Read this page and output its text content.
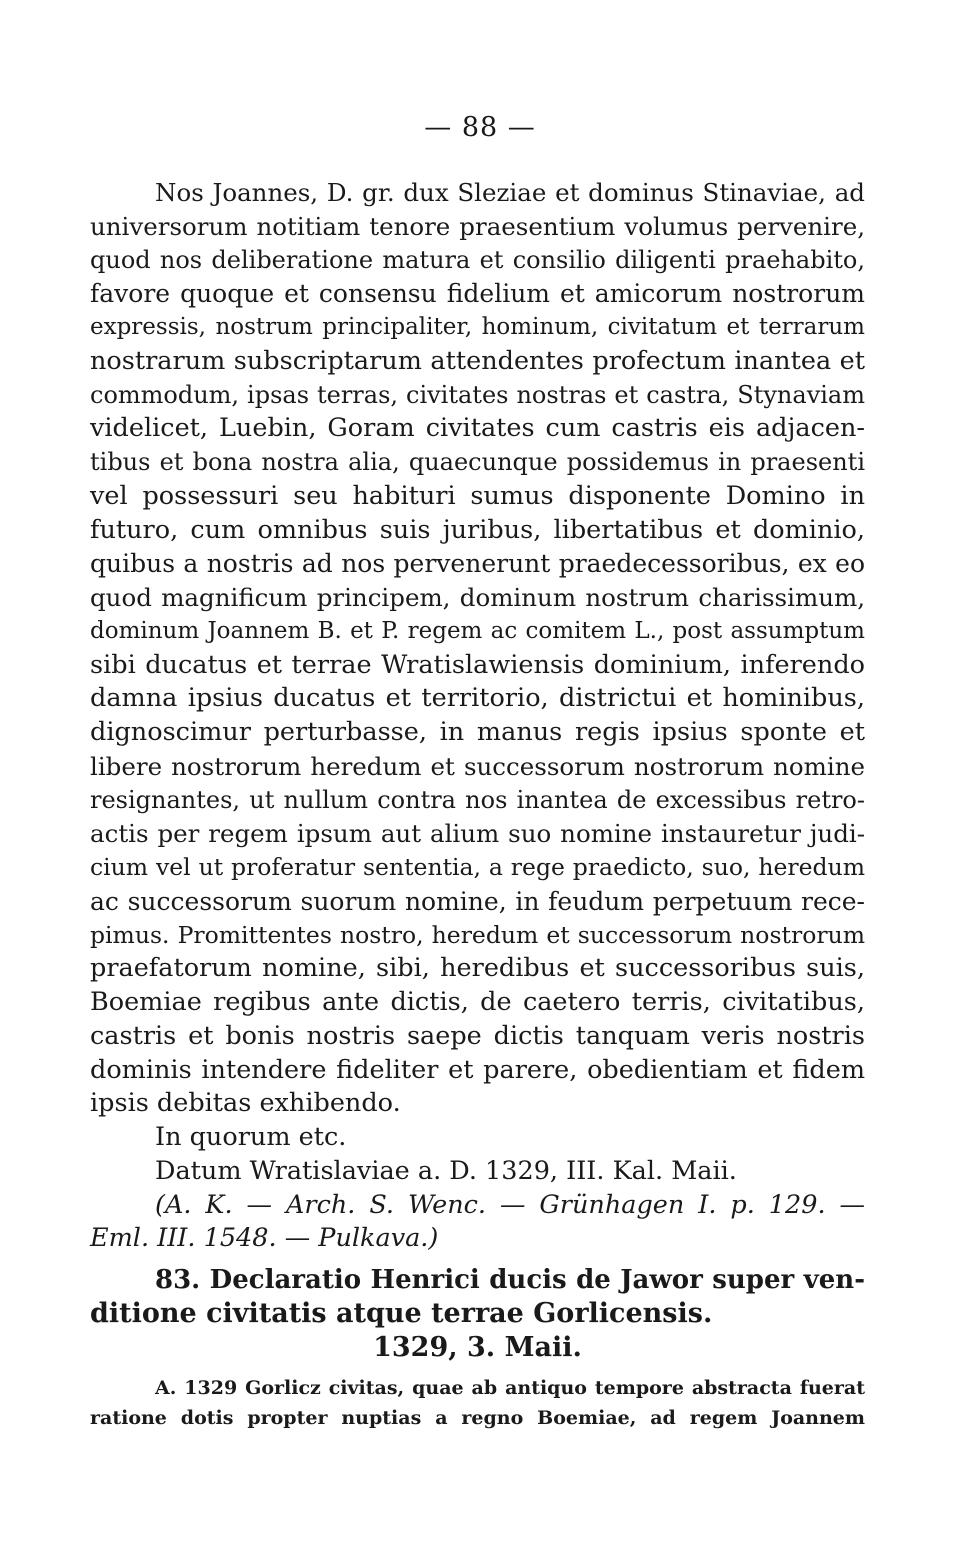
— 88 —
Nos Joannes, D. gr. dux Sleziae et dominus Stinaviae, ad
universorum notitiam tenore praesentium volumus pervenire,
quod nos deliberatione matura et consilio diligenti praehabito,
favore quoque et consensu fidelium et amicorum nostrorum
expressis, nostrum principaliter, hominum, civitatum et terrarum
nostrarum subscriptarum attendentes profectum inantea et
commodum, ipsas terras, civitates nostras et castra, Stynaviam
videlicet, Luebin, Goram civitates cum castris eis adjacen-
tibus et bona nostra alia, quaecunque possidemus in praesenti
vel possessuri seu habituri sumus disponente Domino in
futuro, cum omnibus suis juribus, libertatibus et dominio,
quibus a nostris ad nos pervenerunt praedecessoribus, ex eo
quod magnificum principem, dominum nostrum charissimum,
dominum Joannem B. et P. regem ac comitem L., post assumptum
sibi ducatus et terrae Wratislawiensis dominium, inferendo
damna ipsius ducatus et territorio, districtui et hominibus,
dignoscimur perturbasse, in manus regis ipsius sponte et
libere nostrorum heredum et successorum nostrorum nomine
resignantes, ut nullum contra nos inantea de excessibus retro-
actis per regem ipsum aut alium suo nomine instauretur judi-
cium vel ut proferatur sententia, a rege praedicto, suo, heredum
ac successorum suorum nomine, in feudum perpetuum rece-
pimus. Promittentes nostro, heredum et successorum nostrorum
praefatorum nomine, sibi, heredibus et successoribus suis,
Boemiae regibus ante dictis, de caetero terris, civitatibus,
castris et bonis nostris saepe dictis tanquam veris nostris
dominis intendere fideliter et parere, obedientiam et fidem
ipsis debitas exhibendo.
In quorum etc.
Datum Wratislaviae a. D. 1329, III. Kal. Maii.
(A. K. — Arch. S. Wenc. — Grünhagen I. p. 129. —
Eml. III. 1548. — Pulkava.)
83. Declaratio Henrici ducis de Jawor super ven-
ditione civitatis atque terrae Gorlicensis.
1329, 3. Maii.
A. 1329 Gorlicz civitas, quae ab antiquo tempore abstracta fuerat
ratione dotis propter nuptias a regno Boemiae, ad regem Joannem
